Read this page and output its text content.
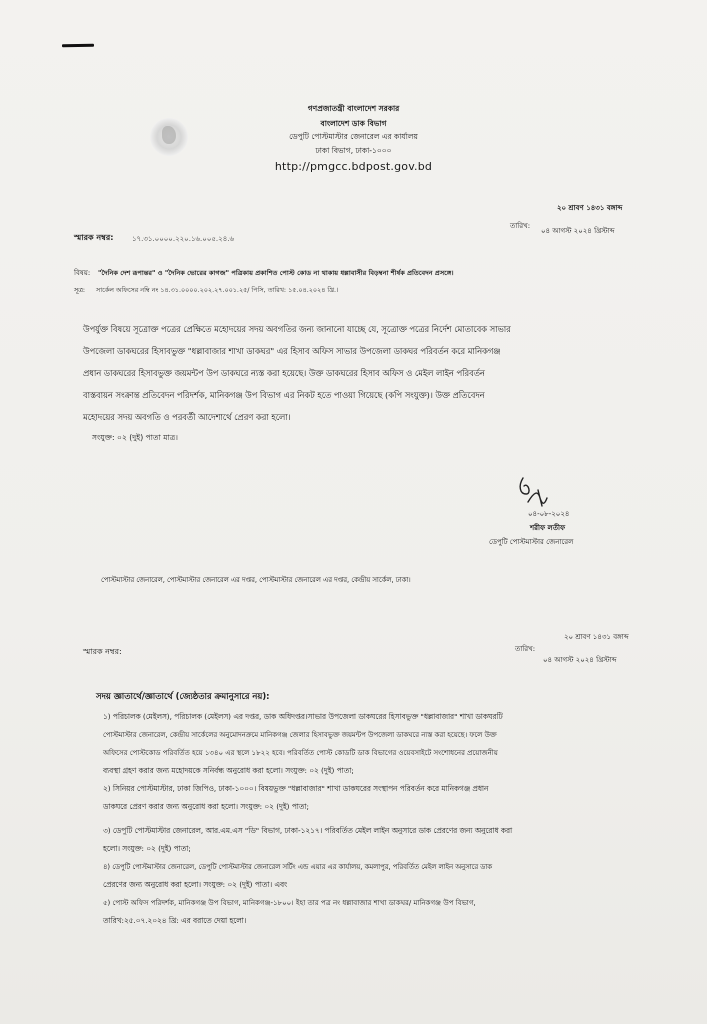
গণপ্রজাতন্ত্রী বাংলাদেশ সরকার
বাংলাদেশ ডাক বিভাগ
ডেপুটি পোস্টমাস্টার জেনারেল এর কার্যালয়
ঢাকা বিভাগ, ঢাকা-১০০০
http://pmgcc.bdpost.gov.bd
২০ শ্রাবণ ১৪৩১ বঙ্গাব্দ
তারিখ:
০৪ আগস্ট ২০২৪ খ্রিস্টাব্দ
স্মারক নম্বর:	১৭.৩১.০০০০.২২০.১৬.০০৫.২৪.৬
বিষয়: "দৈনিক দেশ রূপান্তর" ও "দৈনিক ভোরের কাগজ" পত্রিকায় প্রকাশিত পোস্ট কোড না থাকায় ধল্লাবাসীর বিড়ম্বনা শীর্ষক প্রতিবেদন প্রসঙ্গে।
সূত্র: সার্কেল অফিসের নম্বি নং ১৪.৩১.০০০০.২০২.২৭.০০১.২৫/ পিসি, তারিখ: ১৫.০৪.২০২৪ খ্রি.।
উপর্যুক্ত বিষয়ে সূত্রোক্ত পত্রের প্রেক্ষিতে মহোদয়ের সদয় অবগতির জন্য জানানো যাচ্ছে যে, সূত্রোক্ত পত্রের নির্দেশ মোতাবেক সাভার
উপজেলা ডাকঘরের হিসাবভুক্ত "ধল্লাবাজার শাখা ডাকঘর" এর হিসাব অফিস সাভার উপজেলা ডাকঘর পরিবর্তন করে মানিকগঞ্জ
প্রধান ডাকঘরের হিসাবভুক্ত জয়মন্টপ উপ ডাকঘরে ন্যস্ত করা হয়েছে। উক্ত ডাকঘরের হিসাব অফিস ও মেইল লাইন পরিবর্তন
বাস্তবায়ন সংক্রান্ত প্রতিবেদন পরিদর্শক, মানিকগঞ্জ উপ বিভাগ এর নিকট হতে পাওয়া গিয়েছে (কপি সংযুক্ত)। উক্ত প্রতিবেদন
মহোদয়ের সদয় অবগতি ও পরবর্তী আদেশার্থে প্রেরণ করা হলো।
সংযুক্ত: ০২ (দুই) পাতা মাত্র।
০৪-০৮-২০২৪
শরীফ লতীফ
ডেপুটি পোস্টমাস্টার জেনারেল
পোস্টমাস্টার জেনারেল, পোস্টমাস্টার জেনারেল এর দপ্তর, পোস্টমাস্টার জেনারেল এর দপ্তর, কেন্দ্রীয় সার্কেল, ঢাকা।
২০ শ্রাবণ ১৪৩১ বঙ্গাব্দ
তারিখ:
স্মারক নম্বর:
০৪ আগস্ট ২০২৪ খ্রিস্টাব্দ
সদয় জ্ঞাতার্থে/জ্ঞাতার্থে (জ্যেষ্ঠতার ক্রমানুসারে নয়):
১) পরিচালক (মেইলস), পরিচালক (মেইলস) এর দপ্তর, ডাক অধিদপ্তর।সাভার উপজেলা ডাকঘরের হিসাবভুক্ত "ধল্লাবাজার" শাখা ডাকঘরটি
পোস্টমাস্টার জেনারেল, কেন্দ্রীয় সার্কেলের অনুমোদনক্রমে মানিকগঞ্জ জেলার হিসাবভুক্ত জয়মন্টপ উপজেলা ডাকঘরে ন্যস্ত করা হয়েছে। ফলে উক্ত
অফিসের পোস্টকোড পরিবর্তিত হয়ে ১৩৪০ এর স্থলে ১৮২২ হবে। পরিবর্তিত পোস্ট কোডটি ডাক বিভাগের ওয়েবসাইটে সংশোধনের প্রয়োজনীয়
ব্যবস্থা গ্রহণ করার জন্য মহোদয়কে সনির্বন্ধ অনুরোধ করা হলো। সংযুক্ত: ০২ (দুই) পাতা;
২) সিনিয়র পোস্টমাস্টার, ঢাকা জিপিও, ঢাকা-১০০০। বিষয়ভুক্ত "ধল্লাবাজার" শাখা ডাকঘরের সংস্থাপন পরিবর্তন করে মানিকগঞ্জ প্রধান
ডাকঘরে প্রেরণ করার জন্য অনুরোধ করা হলো। সংযুক্ত: ০২ (দুই) পাতা;
৩) ডেপুটি পোস্টমাস্টার জেনারেল, আর.এম.এস "ডি" বিভাগ, ঢাকা-১২১৭। পরিবর্তিত মেইল লাইন অনুসারে ডাক প্রেরণের জন্য অনুরোধ করা
হলো। সংযুক্ত: ০২ (দুই) পাতা;
৪) ডেপুটি পোস্টমাস্টার জেনারেল, ডেপুটি পোস্টমাস্টার জেনারেল সর্টিং এন্ড এয়ার এর কার্যালয়, কমলাপুর, পরিবর্তিত মেইল লাইন অনুসারে ডাক
প্রেরণের জন্য অনুরোধ করা হলো। সংযুক্ত: ০২ (দুই) পাতা। এবং
৫) পোস্ট অফিস পরিদর্শক, মানিকগঞ্জ উপ বিভাগ, মানিকগঞ্জ-১৮০০। ইহা তার পত্র নং ধল্লাবাজার শাখা ডাকঘর/ মানিকগঞ্জ উপ বিভাগ,
তারিখ:২৫.০৭.২০২৪ খ্রি: এর বরাতে দেয়া হলো।
